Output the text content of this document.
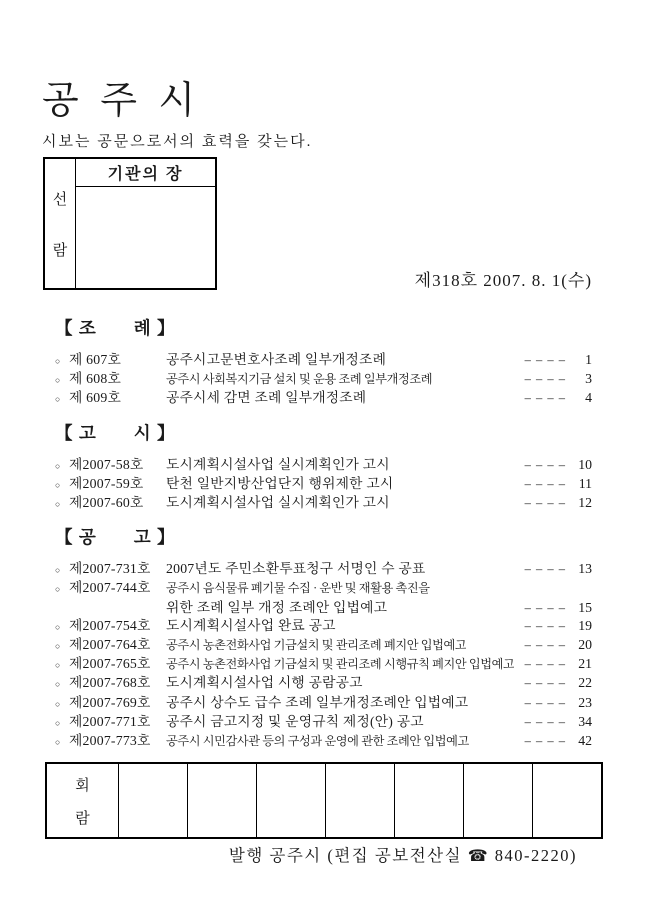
공 주 시
시보는 공문으로서의 효력을 갖는다.
선
람
기관의 장
제318호 2007. 8. 1(수)
【 조　　례 】
○ 제 607호	공주시고문변호사조례 일부개정조례	– – – –	1
○ 제 608호	공주시 사회복지기금 설치 및 운용 조례 일부개정조례	– – – –	3
○ 제 609호	공주시세 감면 조례 일부개정조례	– – – –	4
【 고　　시 】
○ 제2007-58호	도시계획시설사업 실시계획인가 고시	– – – – 10
○ 제2007-59호	탄천 일반지방산업단지 행위제한 고시	– – – – 11
○ 제2007-60호	도시계획시설사업 실시계획인가 고시	– – – – 12
【 공　　고 】
○ 제2007-731호	2007년도 주민소환투표청구 서명인 수 공표	– – – – 13
○ 제2007-744호	공주시 음식물류 폐기물 수집 · 운반 및 재활용 촉진을
위한 조례 일부 개정 조례안 입법예고	– – – – 15
○ 제2007-754호	도시계획시설사업 완료 공고	– – – – 19
○ 제2007-764호	공주시 농촌전화사업 기금설치 및 관리조례 폐지안 입법예고	– – – – 20
○ 제2007-765호	공주시 농촌전화사업 기금설치 및 관리조례 시행규칙 폐지안 입법예고 – – – – 21
○ 제2007-768호	도시계획시설사업 시행 공람공고	– – – – 22
○ 제2007-769호	공주시 상수도 급수 조례 일부개정조례안 입법예고	– – – – 23
○ 제2007-771호	공주시 금고지정 및 운영규칙 제정(안) 공고	– – – – 34
○ 제2007-773호	공주시 시민감사관 등의 구성과 운영에 관한 조례안 입법예고	– – – – 42
회
람
발행 공주시 (편집 공보전산실 ☎ 840-2220)
